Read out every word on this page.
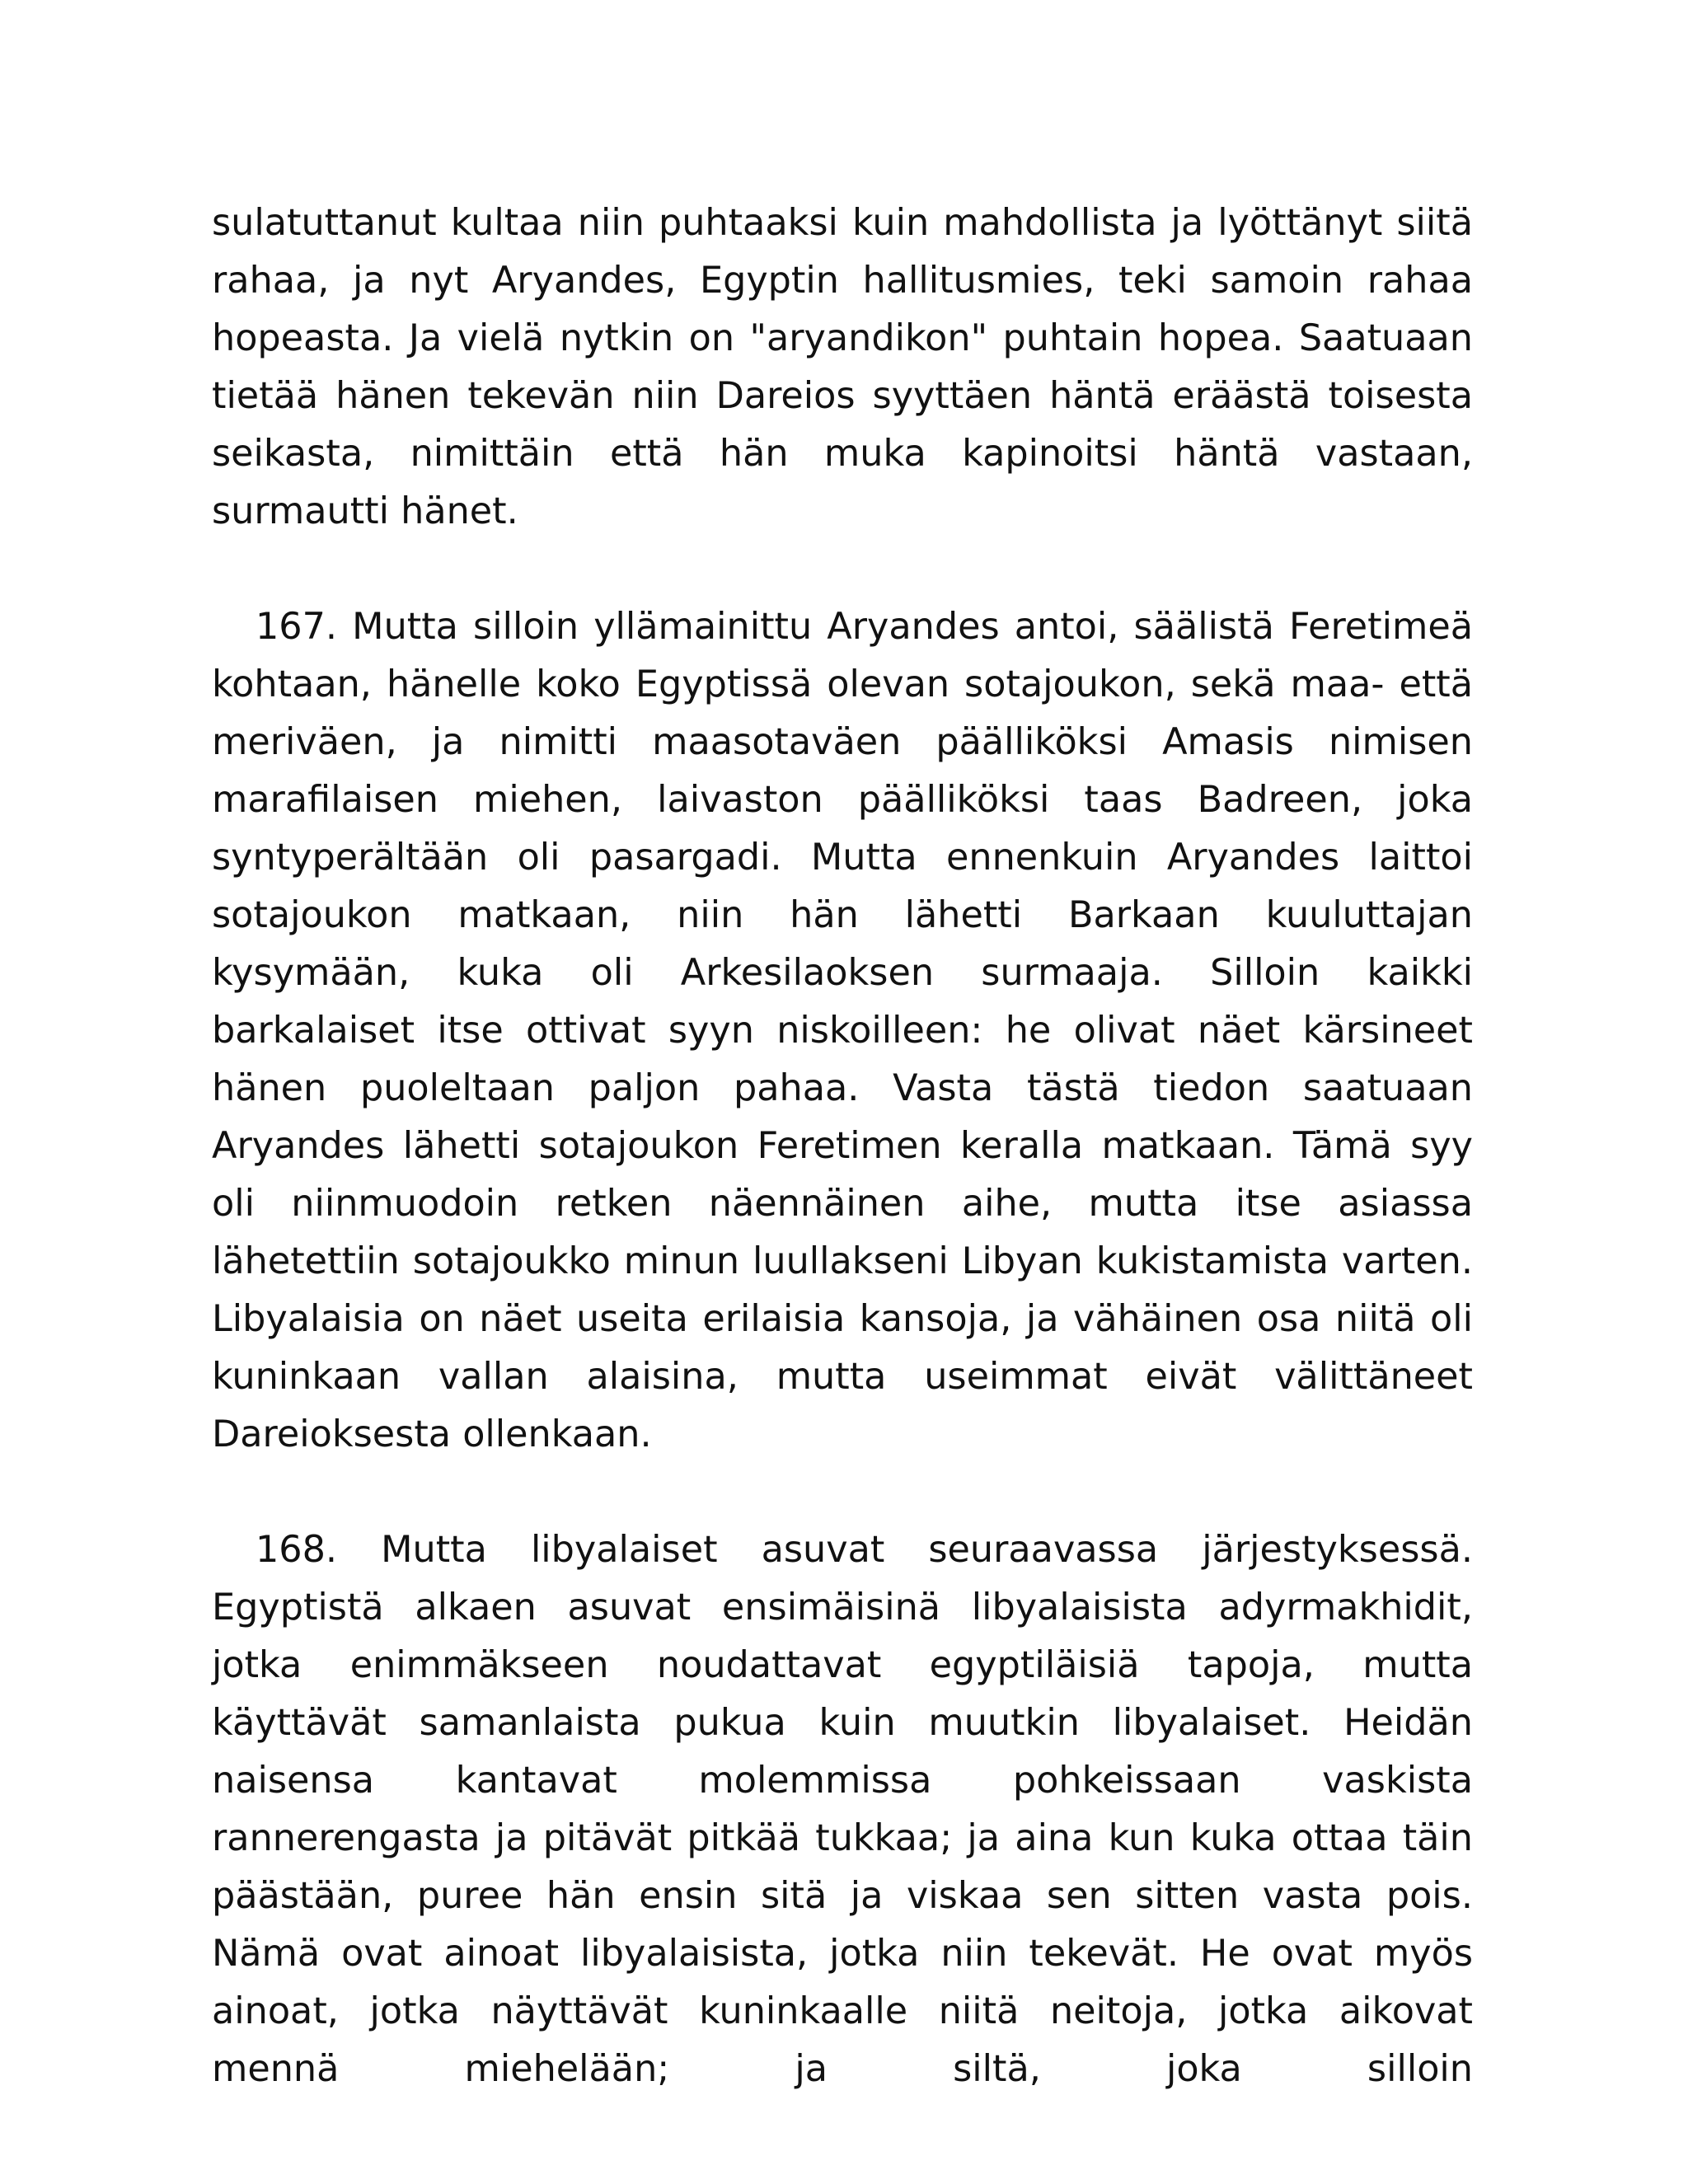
sulatuttanut kultaa niin puhtaaksi kuin mahdollista ja lyöttänyt siitä rahaa, ja nyt Aryandes, Egyptin hallitusmies, teki samoin rahaa hopeasta. Ja vielä nytkin on "aryandikon" puhtain hopea. Saatuaan tietää hänen tekevän niin Dareios syyttäen häntä eräästä toisesta seikasta, nimittäin että hän muka kapinoitsi häntä vastaan, surmautti hänet.

167. Mutta silloin yllämainittu Aryandes antoi, säälistä Feretimeä kohtaan, hänelle koko Egyptissä olevan sotajoukon, sekä maa- että meriväen, ja nimitti maasotaväen päälliköksi Amasis nimisen marafilaisen miehen, laivaston päälliköksi taas Badreen, joka syntyperältään oli pasargadi. Mutta ennenkuin Aryandes laittoi sotajoukon matkaan, niin hän lähetti Barkaan kuuluttajan kysymään, kuka oli Arkesilaoksen surmaaja. Silloin kaikki barkalaiset itse ottivat syyn niskoilleen: he olivat näet kärsineet hänen puoleltaan paljon pahaa. Vasta tästä tiedon saatuaan Aryandes lähetti sotajoukon Feretimen keralla matkaan. Tämä syy oli niinmuodoin retken näennäinen aihe, mutta itse asiassa lähetettiin sotajoukko minun luullakseni Libyan kukistamista varten. Libyalaisia on näet useita erilaisia kansoja, ja vähäinen osa niitä oli kuninkaan vallan alaisina, mutta useimmat eivät välittäneet Dareioksesta ollenkaan.

168. Mutta libyalaiset asuvat seuraavassa järjestyksessä. Egyptistä alkaen asuvat ensimäisinä libyalaisista adyrmakhidit, jotka enimmäkseen noudattavat egyptiläisiä tapoja, mutta käyttävät samanlaista pukua kuin muutkin libyalaiset. Heidän naisensa kantavat molemmissa pohkeissaan vaskista rannerengasta ja pitävät pitkää tukkaa; ja aina kun kuka ottaa täin päästään, puree hän ensin sitä ja viskaa sen sitten vasta pois. Nämä ovat ainoat libyalaisista, jotka niin tekevät. He ovat myös ainoat, jotka näyttävät kuninkaalle niitä neitoja, jotka aikovat mennä miehelään; ja siltä, joka silloin
